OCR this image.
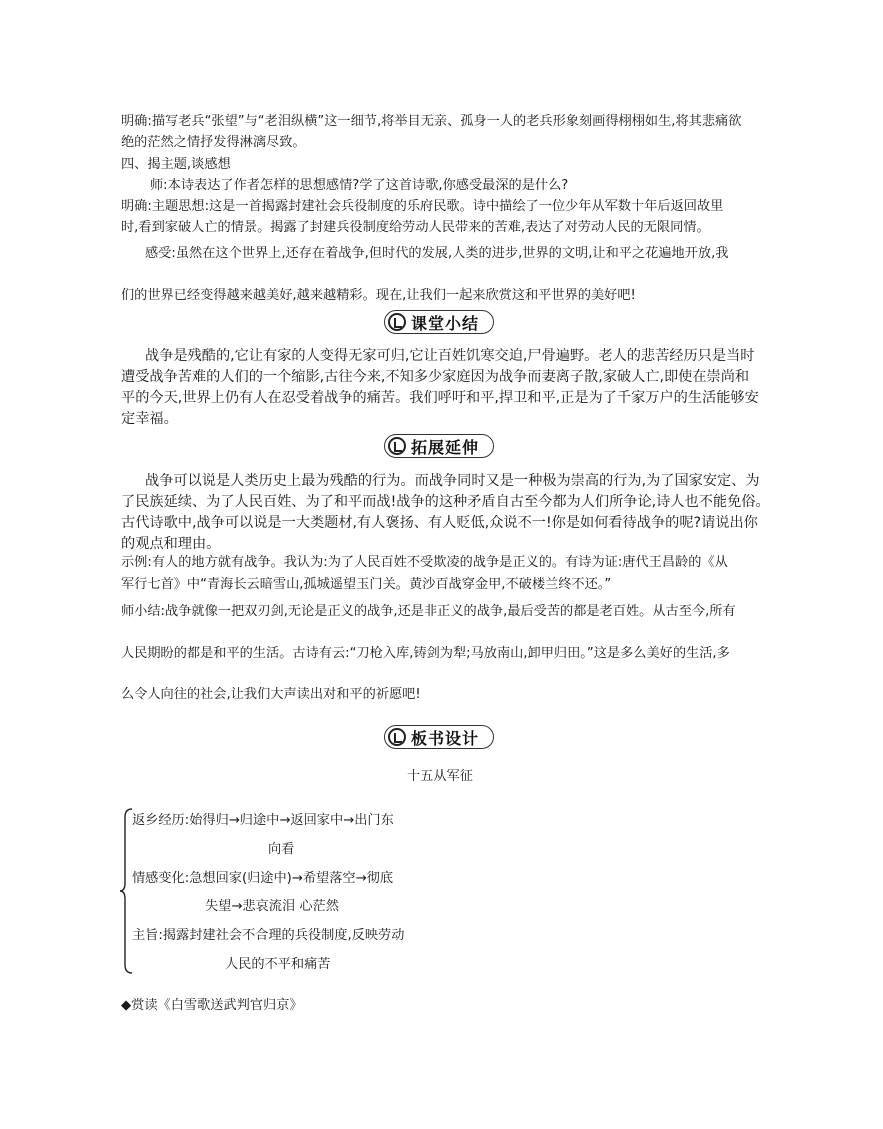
明确:描写老兵“张望”与“老泪纵横”这一细节,将举目无亲、孤身一人的老兵形象刻画得栩栩如生,将其悲痛欲
绝的茫然之情抒发得淋漓尽致。
四、揭主题,谈感想
师:本诗表达了作者怎样的思想感情?学了这首诗歌,你感受最深的是什么?
明确:主题思想:这是一首揭露封建社会兵役制度的乐府民歌。诗中描绘了一位少年从军数十年后返回故里
时,看到家破人亡的情景。揭露了封建兵役制度给劳动人民带来的苦难,表达了对劳动人民的无限同情。
感受:虽然在这个世界上,还存在着战争,但时代的发展,人类的进步,世界的文明,让和平之花遍地开放,我
们的世界已经变得越来越美好,越来越精彩。现在,让我们一起来欣赏这和平世界的美好吧!
课堂小结
战争是残酷的,它让有家的人变得无家可归,它让百姓饥寒交迫,尸骨遍野。老人的悲苦经历只是当时
遭受战争苦难的人们的一个缩影,古往今来,不知多少家庭因为战争而妻离子散,家破人亡,即使在崇尚和
平的今天,世界上仍有人在忍受着战争的痛苦。我们呼吁和平,捍卫和平,正是为了千家万户的生活能够安
定幸福。
拓展延伸
战争可以说是人类历史上最为残酷的行为。而战争同时又是一种极为崇高的行为,为了国家安定、为
了民族延续、为了人民百姓、为了和平而战!战争的这种矛盾自古至今都为人们所争论,诗人也不能免俗。
古代诗歌中,战争可以说是一大类题材,有人褒扬、有人贬低,众说不一!你是如何看待战争的呢?请说出你
的观点和理由。
示例:有人的地方就有战争。我认为:为了人民百姓不受欺凌的战争是正义的。有诗为证:唐代王昌龄的《从
军行七首》中“青海长云暗雪山,孤城遥望玉门关。黄沙百战穿金甲,不破楼兰终不还。”
师小结:战争就像一把双刃剑,无论是正义的战争,还是非正义的战争,最后受苦的都是老百姓。从古至今,所有
人民期盼的都是和平的生活。古诗有云:“刀枪入库,铸剑为犁;马放南山,卸甲归田。”这是多么美好的生活,多
么令人向往的社会,让我们大声读出对和平的祈愿吧!
板书设计
十五从军征
返乡经历:始得归→归途中→返回家中→出门东
向看
情感变化:急想回家(归途中)→希望落空→彻底
失望→悲哀流泪 心茫然
主旨:揭露封建社会不合理的兵役制度,反映劳动
人民的不平和痛苦
◆赏读《白雪歌送武判官归京》
